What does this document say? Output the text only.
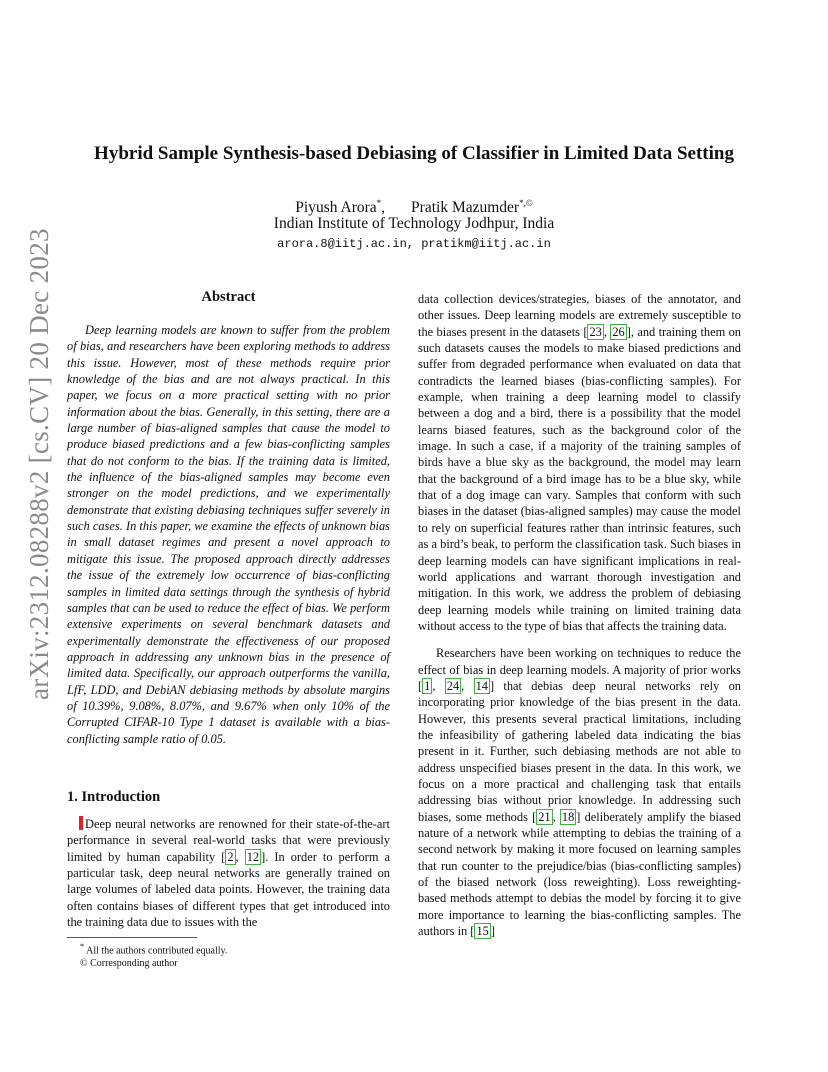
arXiv:2312.08288v2 [cs.CV] 20 Dec 2023
Hybrid Sample Synthesis-based Debiasing of Classifier in Limited Data Setting
Piyush Arora*, Pratik Mazumder*,©
Indian Institute of Technology Jodhpur, India
arora.8@iitj.ac.in, pratikm@iitj.ac.in
Abstract

Deep learning models are known to suffer from the problem of bias, and researchers have been exploring methods to address this issue. However, most of these methods require prior knowledge of the bias and are not always practical. In this paper, we focus on a more practical setting with no prior information about the bias. Generally, in this setting, there are a large number of bias-aligned samples that cause the model to produce biased predictions and a few bias-conflicting samples that do not conform to the bias. If the training data is limited, the influence of the bias-aligned samples may become even stronger on the model predictions, and we experimentally demonstrate that existing debiasing techniques suffer severely in such cases. In this paper, we examine the effects of unknown bias in small dataset regimes and present a novel approach to mitigate this issue. The proposed approach directly addresses the issue of the extremely low occurrence of bias-conflicting samples in limited data settings through the synthesis of hybrid samples that can be used to reduce the effect of bias. We perform extensive experiments on several benchmark datasets and experimentally demonstrate the effectiveness of our proposed approach in addressing any unknown bias in the presence of limited data. Specifically, our approach outperforms the vanilla, LfF, LDD, and DebiAN debiasing methods by absolute margins of 10.39%, 9.08%, 8.07%, and 9.67% when only 10% of the Corrupted CIFAR-10 Type 1 dataset is available with a bias-conflicting sample ratio of 0.05.

1. Introduction

Deep neural networks are renowned for their state-of-the-art performance in several real-world tasks that were previously limited by human capability [ 2 , 12 ]. In order to perform a particular task, deep neural networks are generally trained on large volumes of labeled data points. However, the training data often contains biases of different types that get introduced into the training data due to issues with the

data collection devices/strategies, biases of the annotator, and other issues. Deep learning models are extremely susceptible to the biases present in the datasets [ 23 , 26 ], and training them on such datasets causes the models to make biased predictions and suffer from degraded performance when evaluated on data that contradicts the learned biases (bias-conflicting samples). For example, when training a deep learning model to classify between a dog and a bird, there is a possibility that the model learns biased features, such as the background color of the image. In such a case, if a majority of the training samples of birds have a blue sky as the background, the model may learn that the background of a bird image has to be a blue sky, while that of a dog image can vary. Samples that conform with such biases in the dataset (bias-aligned samples) may cause the model to rely on superficial features rather than intrinsic features, such as a bird’s beak, to perform the classification task. Such biases in deep learning models can have significant implications in real-world applications and warrant thorough investigation and mitigation. In this work, we address the problem of debiasing deep learning models while training on limited training data without access to the type of bias that affects the training data.

Researchers have been working on techniques to reduce the effect of bias in deep learning models. A majority of prior works [ 1 , 24 , 14 ] that debias deep neural networks rely on incorporating prior knowledge of the bias present in the data. However, this presents several practical limitations, including the infeasibility of gathering labeled data indicating the bias present in it. Further, such debiasing methods are not able to address unspecified biases present in the data. In this work, we focus on a more practical and challenging task that entails addressing bias without prior knowledge. In addressing such biases, some methods [ 21 , 18 ] deliberately amplify the biased nature of a network while attempting to debias the training of a second network by making it more focused on learning samples that run counter to the prejudice/bias (bias-conflicting samples) of the biased network (loss reweighting). Loss reweighting-based methods attempt to debias the model by forcing it to give more importance to learning the bias-conflicting samples. The authors in [ 15 ]

* All the authors contributed equally.
© Corresponding author
